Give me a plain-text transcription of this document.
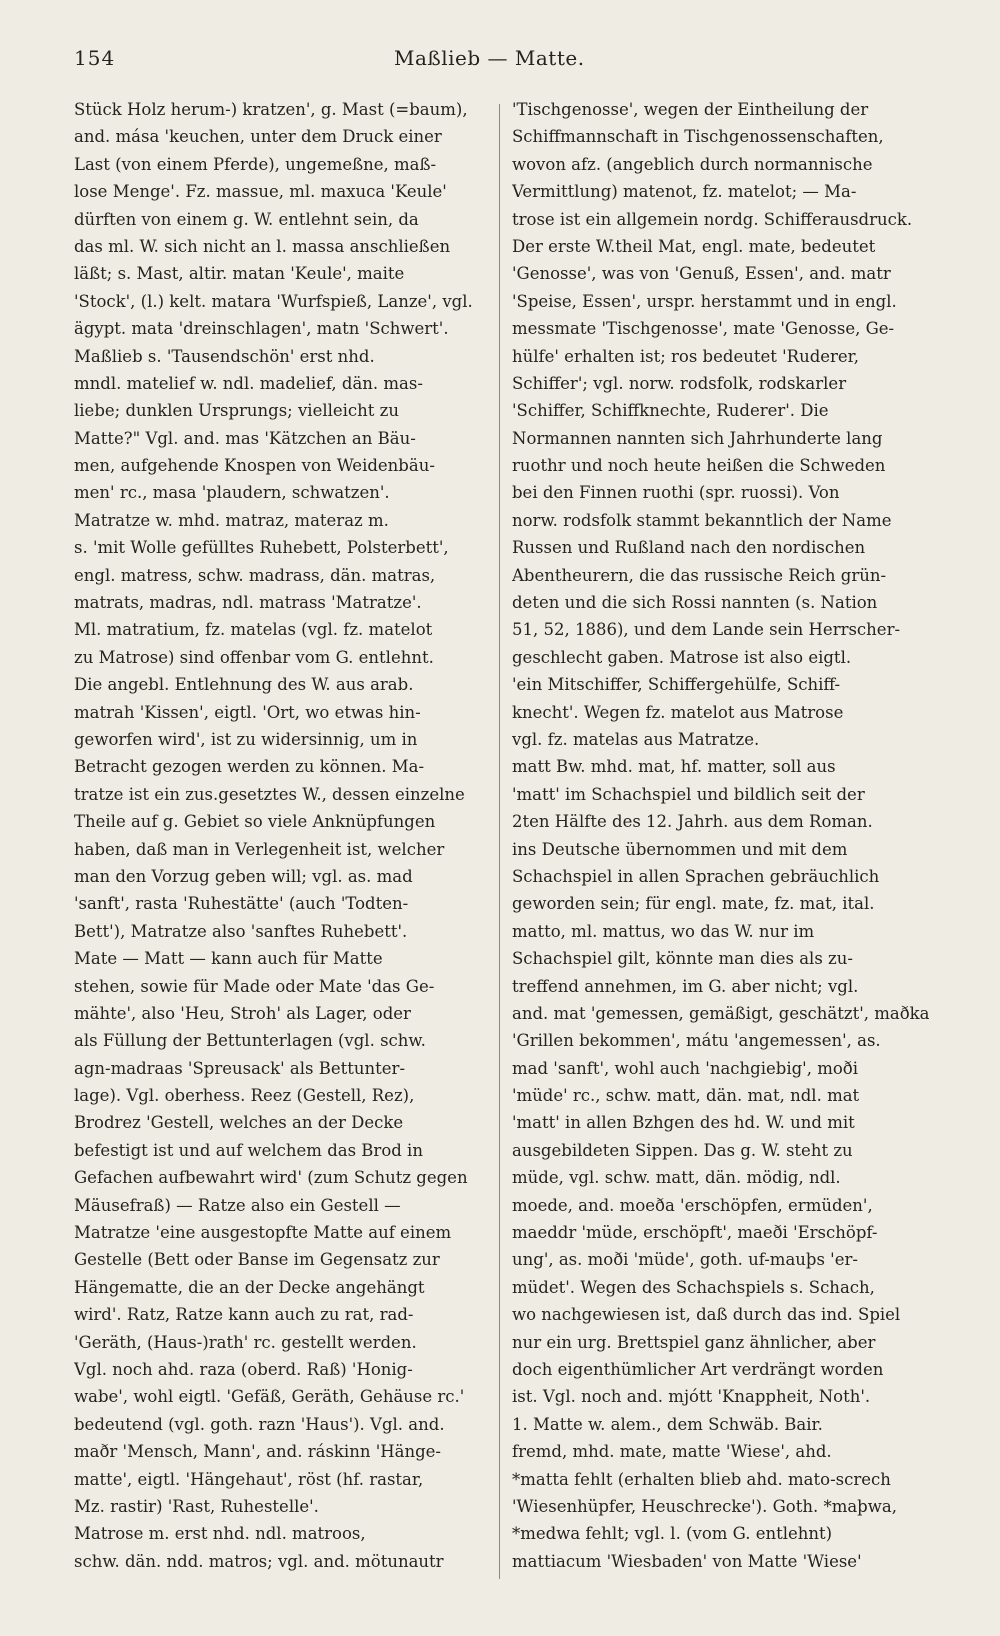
154	Maßlieb — Matte.
Stück Holz herum-) kratzen', g. Mast (=baum),
and. mása 'keuchen, unter dem Druck einer
Last (von einem Pferde), ungemeßne, maß-
lose Menge'. Fz. massue, ml. maxuca 'Keule'
dürften von einem g. W. entlehnt sein, da
das ml. W. sich nicht an l. massa anschließen
läßt; s. Mast, altir. matan 'Keule', maite
'Stock', (l.) kelt. matara 'Wurfspieß, Lanze', vgl.
ägypt. mata 'dreinschlagen', matn 'Schwert'.
Maßlieb s. 'Tausendschön' erst nhd.
mndl. matelief w. ndl. madelief, dän. mas-
liebe; dunklen Ursprungs; vielleicht zu
Matte?" Vgl. and. mas 'Kätzchen an Bäu-
men, aufgehende Knospen von Weidenbäu-
men' rc., masa 'plaudern, schwatzen'.
Matratze w. mhd. matraz, materaz m.
s. 'mit Wolle gefülltes Ruhebett, Polsterbett',
engl. matress, schw. madrass, dän. matras,
matrats, madras, ndl. matrass 'Matratze'.
Ml. matratium, fz. matelas (vgl. fz. matelot
zu Matrose) sind offenbar vom G. entlehnt.
Die angebl. Entlehnung des W. aus arab.
matrah 'Kissen', eigtl. 'Ort, wo etwas hin-
geworfen wird', ist zu widersinnig, um in
Betracht gezogen werden zu können. Ma-
tratze ist ein zus.gesetztes W., dessen einzelne
Theile auf g. Gebiet so viele Anknüpfungen
haben, daß man in Verlegenheit ist, welcher
man den Vorzug geben will; vgl. as. mad
'sanft', rasta 'Ruhestätte' (auch 'Todten-
Bett'), Matratze also 'sanftes Ruhebett'.
Mate — Matt — kann auch für Matte
stehen, sowie für Made oder Mate 'das Ge-
mähte', also 'Heu, Stroh' als Lager, oder
als Füllung der Bettunterlagen (vgl. schw.
agn-madraas 'Spreusack' als Bettunter-
lage). Vgl. oberhess. Reez (Gestell, Rez),
Brodrez 'Gestell, welches an der Decke
befestigt ist und auf welchem das Brod in
Gefachen aufbewahrt wird' (zum Schutz gegen
Mäusefraß) — Ratze also ein Gestell —
Matratze 'eine ausgestopfte Matte auf einem
Gestelle (Bett oder Banse im Gegensatz zur
Hängematte, die an der Decke angehängt
wird'. Ratz, Ratze kann auch zu rat, rad-
'Geräth, (Haus-)rath' rc. gestellt werden.
Vgl. noch ahd. raza (oberd. Raß) 'Honig-
wabe', wohl eigtl. 'Gefäß, Geräth, Gehäuse rc.'
bedeutend (vgl. goth. razn 'Haus'). Vgl. and.
maðr 'Mensch, Mann', and. ráskinn 'Hänge-
matte', eigtl. 'Hängehaut', röst (hf. rastar,
Mz. rastir) 'Rast, Ruhestelle'.
Matrose m. erst nhd. ndl. matroos,
schw. dän. ndd. matros; vgl. and. mötunautr
'Tischgenosse', wegen der Eintheilung der
Schiffmannschaft in Tischgenossenschaften,
wovon afz. (angeblich durch normannische
Vermittlung) matenot, fz. matelot; — Ma-
trose ist ein allgemein nordg. Schifferausdruck.
Der erste W.theil Mat, engl. mate, bedeutet
'Genosse', was von 'Genuß, Essen', and. matr
'Speise, Essen', urspr. herstammt und in engl.
messmate 'Tischgenosse', mate 'Genosse, Ge-
hülfe' erhalten ist; ros bedeutet 'Ruderer,
Schiffer'; vgl. norw. rodsfolk, rodskarler
'Schiffer, Schiffknechte, Ruderer'. Die
Normannen nannten sich Jahrhunderte lang
ruothr und noch heute heißen die Schweden
bei den Finnen ruothi (spr. ruossi). Von
norw. rodsfolk stammt bekanntlich der Name
Russen und Rußland nach den nordischen
Abentheurern, die das russische Reich grün-
deten und die sich Rossi nannten (s. Nation
51, 52, 1886), und dem Lande sein Herrscher-
geschlecht gaben. Matrose ist also eigtl.
'ein Mitschiffer, Schiffergehülfe, Schiff-
knecht'. Wegen fz. matelot aus Matrose
vgl. fz. matelas aus Matratze.
matt Bw. mhd. mat, hf. matter, soll aus
'matt' im Schachspiel und bildlich seit der
2ten Hälfte des 12. Jahrh. aus dem Roman.
ins Deutsche übernommen und mit dem
Schachspiel in allen Sprachen gebräuchlich
geworden sein; für engl. mate, fz. mat, ital.
matto, ml. mattus, wo das W. nur im
Schachspiel gilt, könnte man dies als zu-
treffend annehmen, im G. aber nicht; vgl.
and. mat 'gemessen, gemäßigt, geschätzt', maðka
'Grillen bekommen', mátu 'angemessen', as.
mad 'sanft', wohl auch 'nachgiebig', moði
'müde' rc., schw. matt, dän. mat, ndl. mat
'matt' in allen Bzhgen des hd. W. und mit
ausgebildeten Sippen. Das g. W. steht zu
müde, vgl. schw. matt, dän. mödig, ndl.
moede, and. moeða 'erschöpfen, ermüden',
maeddr 'müde, erschöpft', maeði 'Erschöpf-
ung', as. moði 'müde', goth. uf-mauþs 'er-
müdet'. Wegen des Schachspiels s. Schach,
wo nachgewiesen ist, daß durch das ind. Spiel
nur ein urg. Brettspiel ganz ähnlicher, aber
doch eigenthümlicher Art verdrängt worden
ist. Vgl. noch and. mjótt 'Knappheit, Noth'.
1. Matte w. alem., dem Schwäb. Bair.
fremd, mhd. mate, matte 'Wiese', ahd.
*matta fehlt (erhalten blieb ahd. mato-screch
'Wiesenhüpfer, Heuschrecke'). Goth. *maþwa,
*medwa fehlt; vgl. l. (vom G. entlehnt)
mattiacum 'Wiesbaden' von Matte 'Wiese'
